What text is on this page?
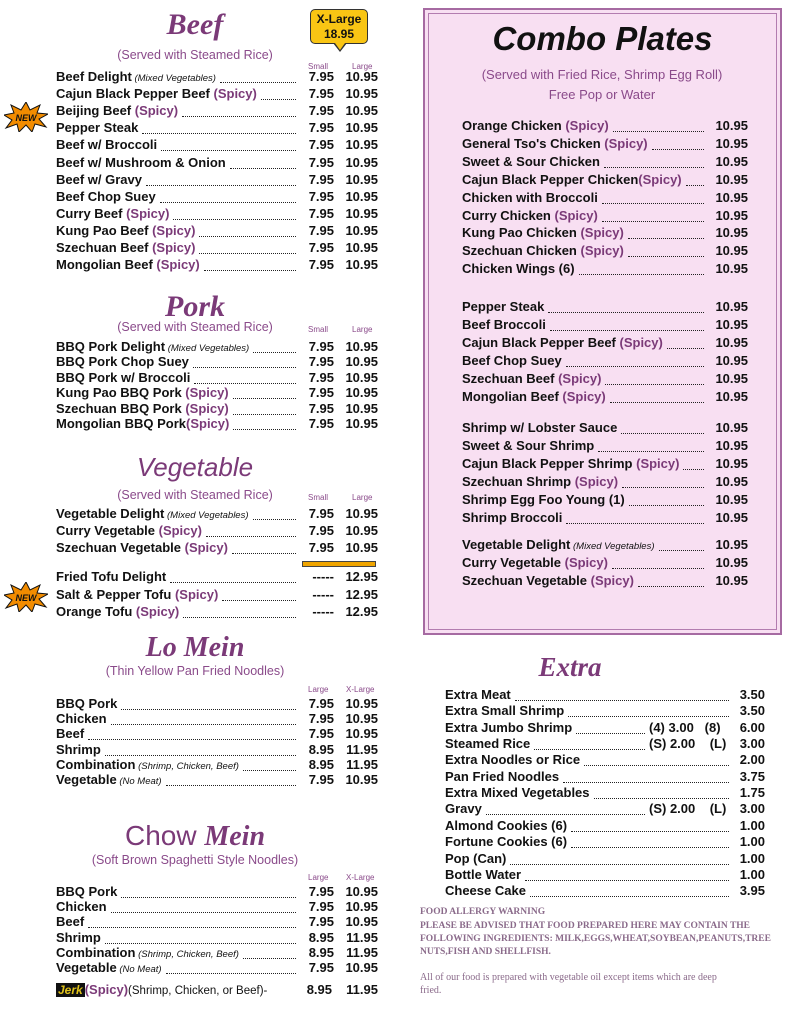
Beef
(Served with Steamed Rice)
X-Large
18.95
Small	Large
Beef Delight (Mixed Vegetables)	7.95 10.95
Cajun Black Pepper Beef (Spicy)	7.95 10.95
Beijing Beef (Spicy)	7.95 10.95
Pepper Steak	7.95 10.95
Beef w/ Broccoli	7.95 10.95
Beef w/ Mushroom & Onion	7.95 10.95
Beef w/ Gravy	7.95 10.95
Beef Chop Suey	7.95 10.95
Curry Beef (Spicy)	7.95 10.95
Kung Pao Beef (Spicy)	7.95 10.95
Szechuan Beef (Spicy)	7.95 10.95
Mongolian Beef (Spicy)	7.95 10.95
Pork
(Served with Steamed Rice)	Small	Large
BBQ Pork Delight (Mixed Vegetables)	7.95 10.95
BBQ Pork Chop Suey	7.95 10.95
BBQ Pork w/ Broccoli	7.95 10.95
Kung Pao BBQ Pork (Spicy)	7.95 10.95
Szechuan BBQ Pork (Spicy)	7.95 10.95
Mongolian BBQ Pork(Spicy)	7.95 10.95
Vegetable
(Served with Steamed Rice)	Small	Large
Vegetable Delight (Mixed Vegetables)	7.95 10.95
Curry Vegetable (Spicy)	7.95 10.95
Szechuan Vegetable (Spicy)	7.95 10.95
Fried Tofu Delight	----- 12.95
Salt & Pepper Tofu (Spicy)	----- 12.95
Orange Tofu (Spicy)	----- 12.95
Lo Mein
(Thin Yellow Pan Fried Noodles)
Large X-Large
BBQ Pork	7.95 10.95
Chicken	7.95 10.95
Beef	7.95 10.95
Shrimp	8.95 11.95
Combination (Shrimp, Chicken, Beef)	8.95 11.95
Vegetable (No Meat)	7.95 10.95
Chow Mein
(Soft Brown Spaghetti Style Noodles)
Large X-Large
BBQ Pork	7.95 10.95
Chicken	7.95 10.95
Beef	7.95 10.95
Shrimp	8.95 11.95
Combination (Shrimp, Chicken, Beef)	8.95 11.95
Vegetable (No Meat)	7.95 10.95
Jerk (Spicy)(Shrimp, Chicken, or Beef)-	8.95	11.95
NEW
NEW
Combo Plates
(Served with Fried Rice, Shrimp Egg Roll)
Free Pop or Water
Orange Chicken (Spicy)	10.95
General Tso's Chicken (Spicy)	10.95
Sweet & Sour Chicken	10.95
Cajun Black Pepper Chicken(Spicy)	10.95
Chicken with Broccoli	10.95
Curry Chicken (Spicy)	10.95
Kung Pao Chicken (Spicy)	10.95
Szechuan Chicken (Spicy)	10.95
Chicken Wings (6)	10.95
Pepper Steak	10.95
Beef Broccoli	10.95
Cajun Black Pepper Beef (Spicy)	10.95
Beef Chop Suey	10.95
Szechuan Beef (Spicy)	10.95
Mongolian Beef (Spicy)	10.95
Shrimp w/ Lobster Sauce	10.95
Sweet & Sour Shrimp	10.95
Cajun Black Pepper Shrimp (Spicy)	10.95
Szechuan Shrimp (Spicy)	10.95
Shrimp Egg Foo Young (1)	10.95
Shrimp Broccoli	10.95
Vegetable Delight (Mixed Vegetables)	10.95
Curry Vegetable (Spicy)	10.95
Szechuan Vegetable (Spicy)	10.95
Extra
Extra Meat	3.50
Extra Small Shrimp	3.50
Extra Jumbo Shrimp	(4) 3.00   (8)	6.00
Steamed Rice	(S) 2.00    (L)	3.00
Extra Noodles or Rice	2.00
Pan Fried Noodles	3.75
Extra Mixed Vegetables	1.75
Gravy	(S) 2.00    (L)	3.00
Almond Cookies (6)	1.00
Fortune Cookies (6)	1.00
Pop (Can)	1.00
Bottle Water	1.00
Cheese Cake	3.95
FOOD ALLERGY WARNING
PLEASE BE ADVISED THAT FOOD PREPARED HERE MAY CONTAIN THE FOLLOWING INGREDIENTS: MILK,EGGS,WHEAT,SOYBEAN,PEANUTS,TREE NUTS,FISH AND SHELLFISH.
All of our food is prepared with vegetable oil except items which are deep fried.
